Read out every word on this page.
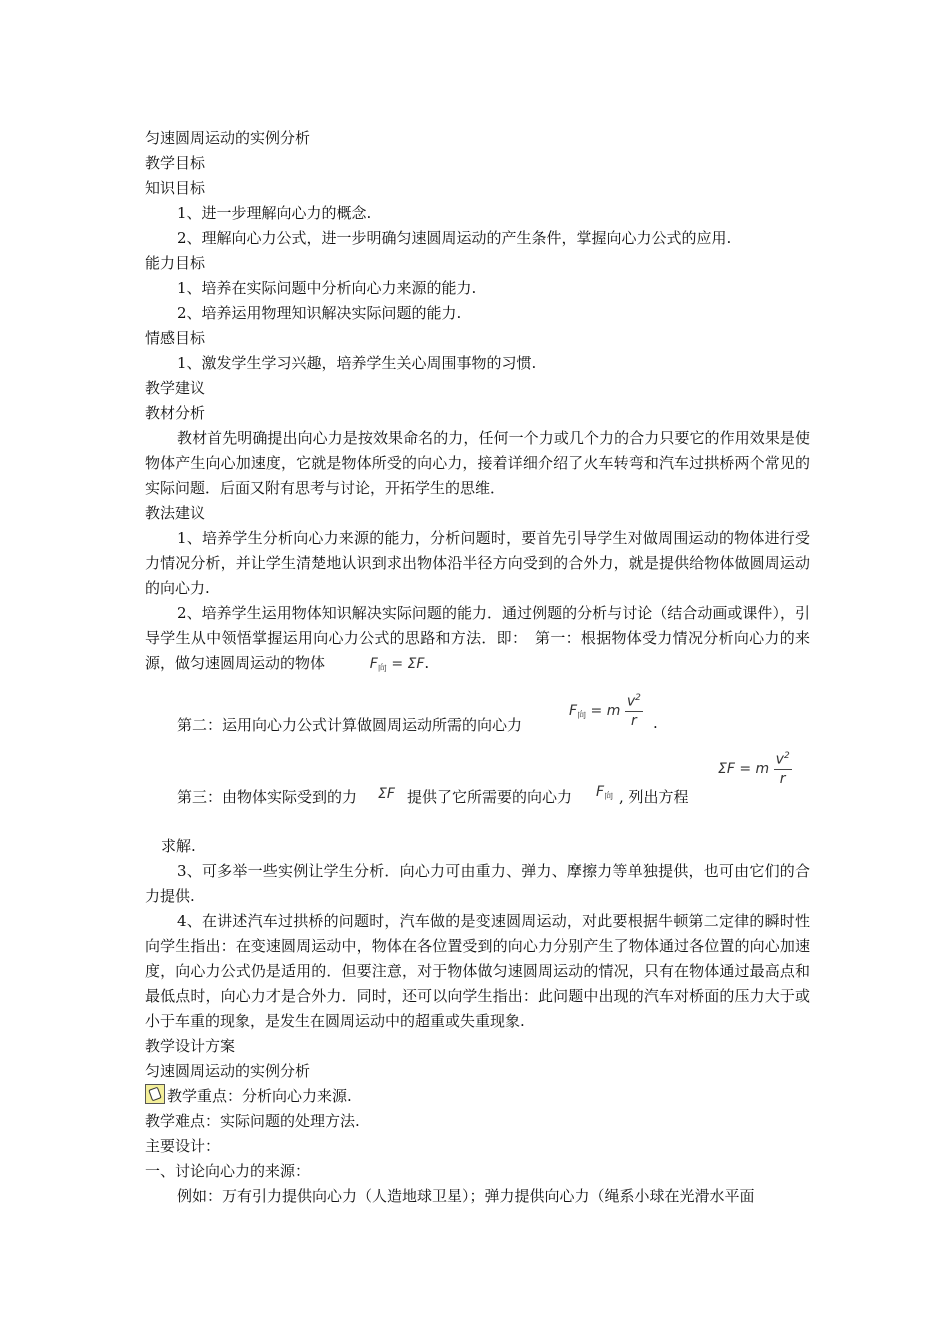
匀速圆周运动的实例分析
教学目标
知识目标
1、进一步理解向心力的概念.
2、理解向心力公式，进一步明确匀速圆周运动的产生条件，掌握向心力公式的应用.
能力目标
1、培养在实际问题中分析向心力来源的能力.
2、培养运用物理知识解决实际问题的能力.
情感目标
1、激发学生学习兴趣，培养学生关心周围事物的习惯.
教学建议
教材分析
教材首先明确提出向心力是按效果命名的力，任何一个力或几个力的合力只要它的作用效果是使物体产生向心加速度，它就是物体所受的向心力，接着详细介绍了火车转弯和汽车过拱桥两个常见的实际问题．后面又附有思考与讨论，开拓学生的思维．
教法建议
1、培养学生分析向心力来源的能力，分析问题时，要首先引导学生对做周围运动的物体进行受力情况分析，并让学生清楚地认识到求出物体沿半径方向受到的合外力，就是提供给物体做圆周运动的向心力.
2、培养学生运用物体知识解决实际问题的能力．通过例题的分析与讨论（结合动画或课件），引导学生从中领悟掌握运用向心力公式的思路和方法．即：　第一：根据物体受力情况分析向心力的来源，做匀速圆周运动的物体	$F_向 = \Sigma F$.
第二：运用向心力公式计算做圆周运动所需的向心力
$F_向 = m \frac{v^2}{r}$ .
第三：由物体实际受到的力 ΣF 提供了它所需要的向心力 $F_向$ , 列出方程
ΣF = m $\frac{v^2}{r}$
求解.
3、可多举一些实例让学生分析．向心力可由重力、弹力、摩擦力等单独提供，也可由它们的合力提供.
4、在讲述汽车过拱桥的问题时，汽车做的是变速圆周运动，对此要根据牛顿第二定律的瞬时性向学生指出：在变速圆周运动中，物体在各位置受到的向心力分别产生了物体通过各位置的向心加速度，向心力公式仍是适用的．但要注意，对于物体做匀速圆周运动的情况，只有在物体通过最高点和最低点时，向心力才是合外力．同时，还可以向学生指出：此问题中出现的汽车对桥面的压力大于或小于车重的现象，是发生在圆周运动中的超重或失重现象.
教学设计方案
匀速圆周运动的实例分析
教学重点：分析向心力来源.
教学难点：实际问题的处理方法.
主要设计：
一、讨论向心力的来源：
例如：万有引力提供向心力（人造地球卫星）；弹力提供向心力（绳系小球在光滑水平面
